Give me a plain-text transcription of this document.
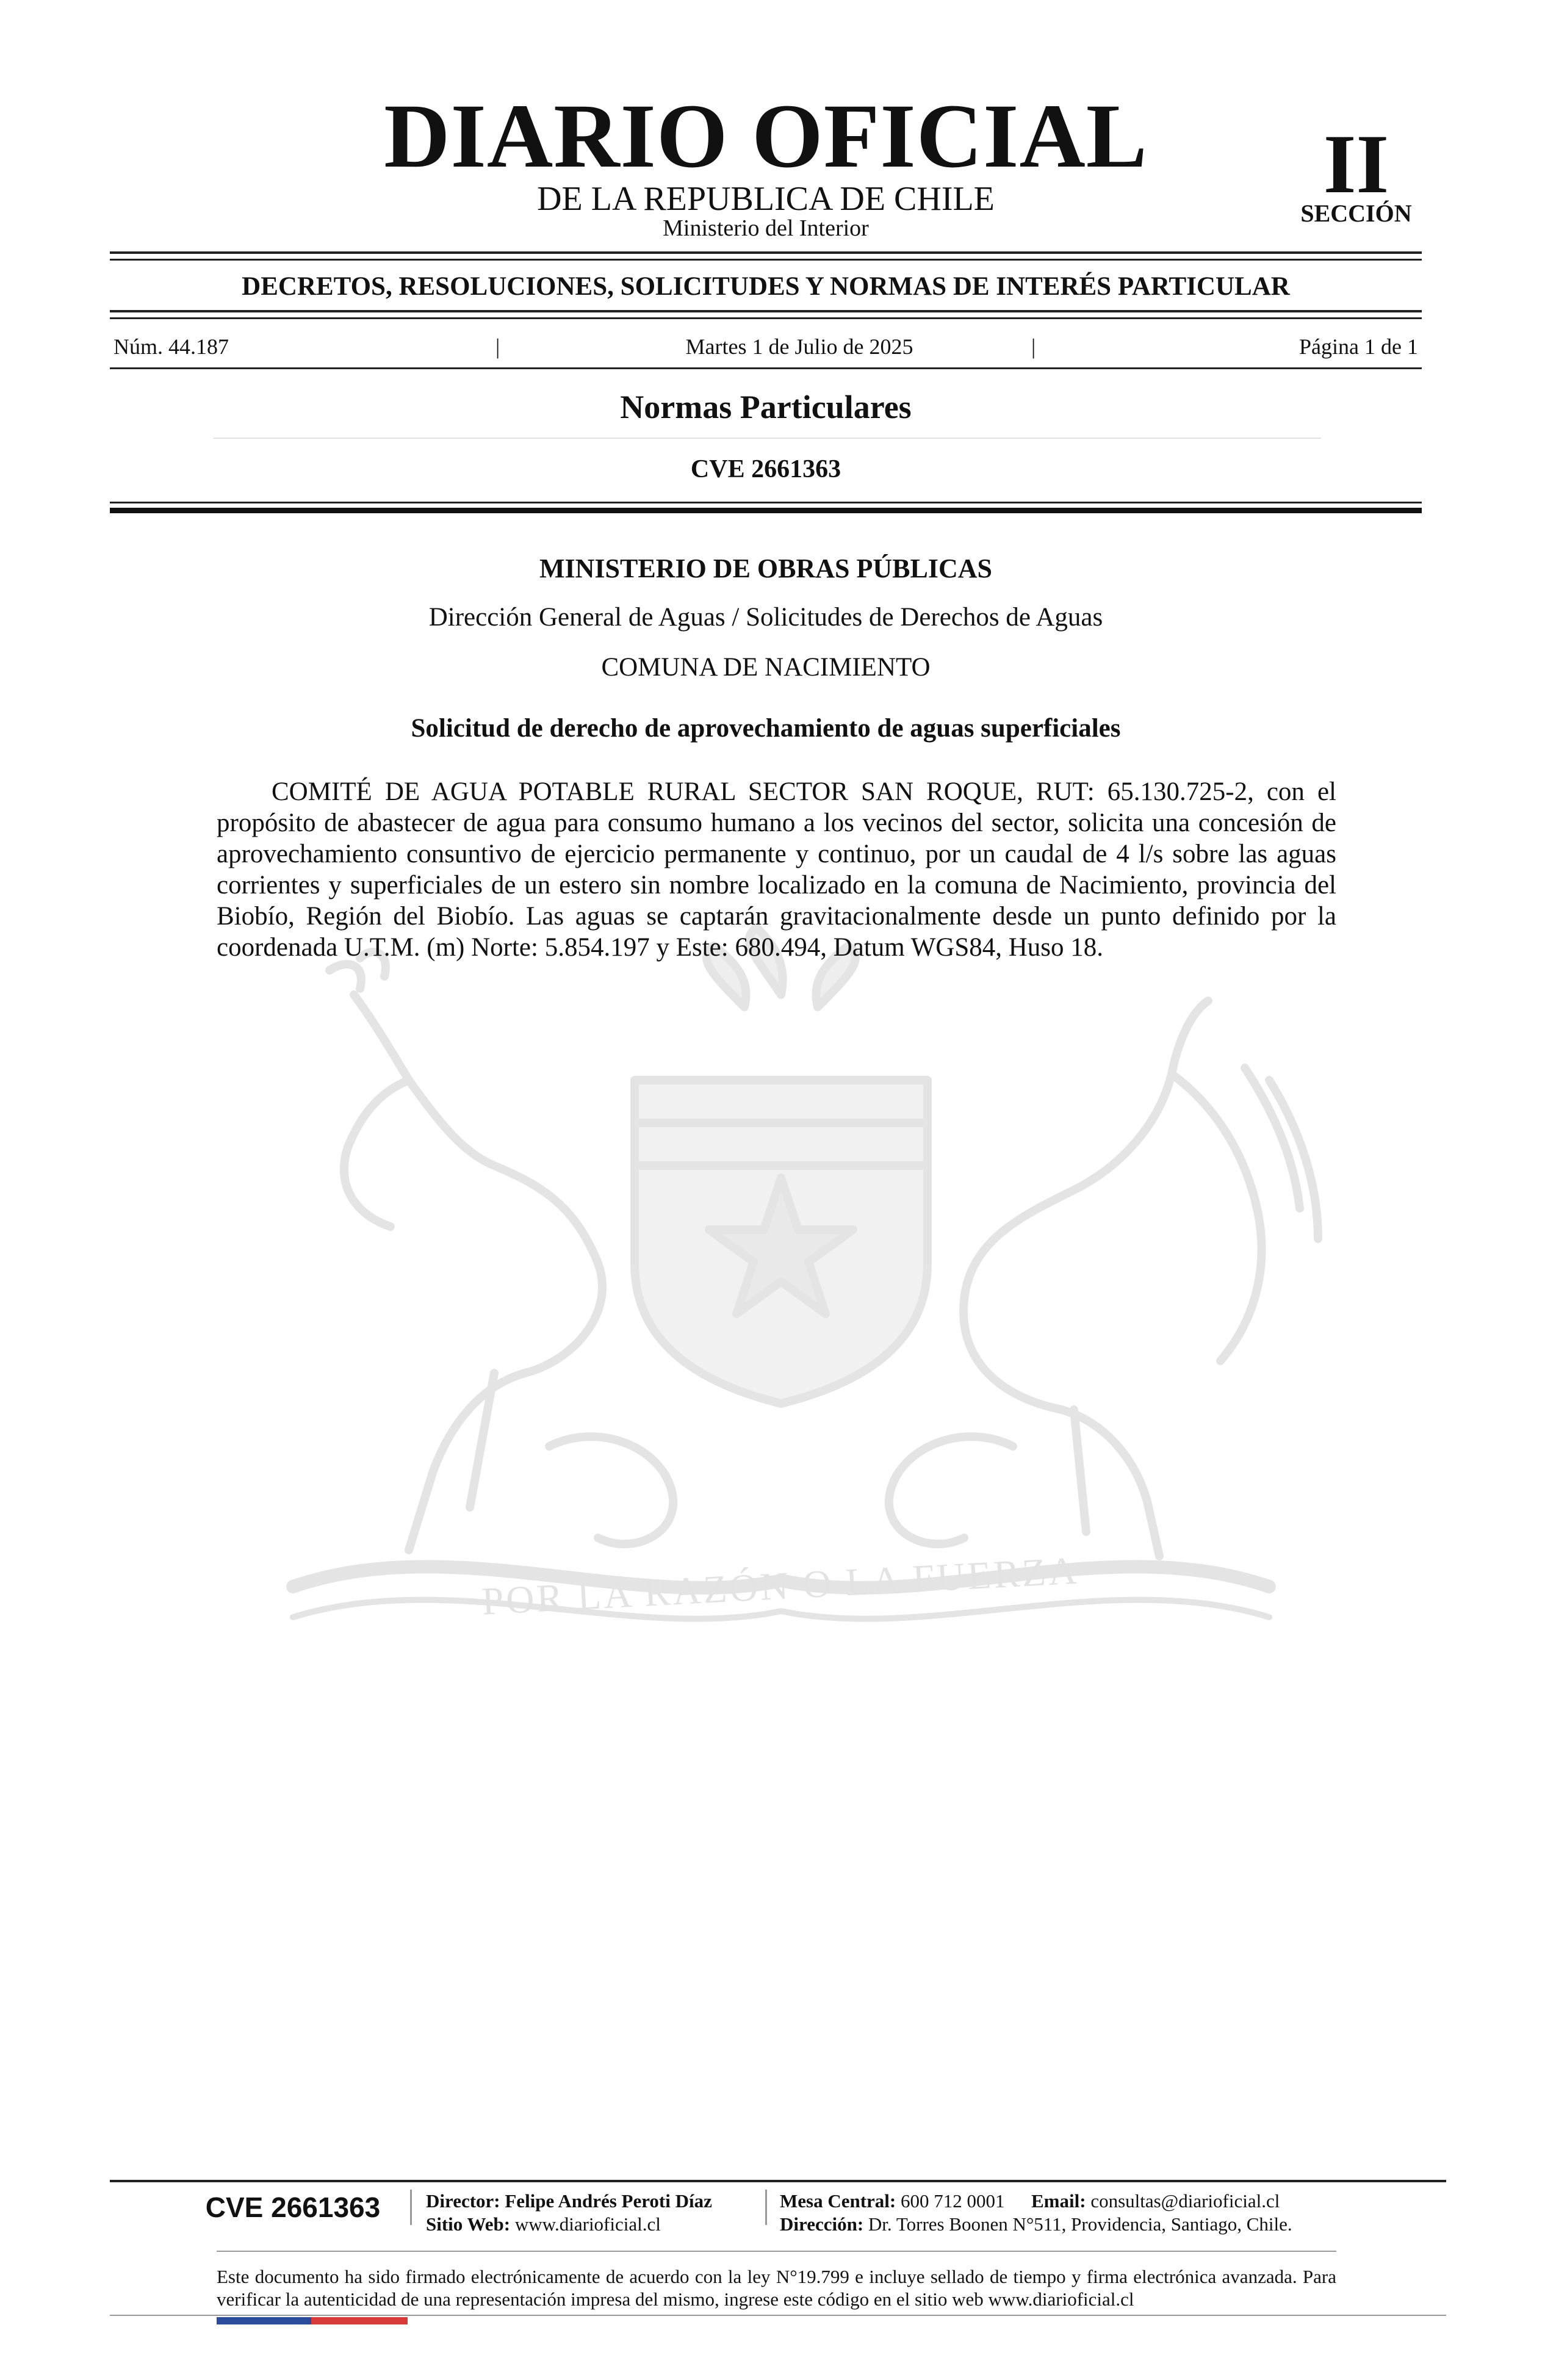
DIARIO OFICIAL
DE LA REPUBLICA DE CHILE
Ministerio del Interior
II
SECCIÓN
DECRETOS, RESOLUCIONES, SOLICITUDES Y NORMAS DE INTERÉS PARTICULAR
Núm. 44.187	|	Martes 1 de Julio de 2025	|	Página 1 de 1
Normas Particulares
CVE 2661363
POR LA RAZÓN O LA FUERZA
MINISTERIO DE OBRAS PÚBLICAS
Dirección General de Aguas / Solicitudes de Derechos de Aguas
COMUNA DE NACIMIENTO
Solicitud de derecho de aprovechamiento de aguas superficiales
COMITÉ DE AGUA POTABLE RURAL SECTOR SAN ROQUE, RUT: 65.130.725-2, con el propósito de abastecer de agua para consumo humano a los vecinos del sector, solicita una concesión de aprovechamiento consuntivo de ejercicio permanente y continuo, por un caudal de 4 l/s sobre las aguas corrientes y superficiales de un estero sin nombre localizado en la comuna de Nacimiento, provincia del Biobío, Región del Biobío. Las aguas se captarán gravitacionalmente desde un punto definido por la coordenada U.T.M. (m) Norte: 5.854.197 y Este: 680.494, Datum WGS84, Huso 18.
CVE 2661363	Director: Felipe Andrés Peroti Díaz
Sitio Web: www.diarioficial.cl
Mesa Central: 600 712 0001 Email: consultas@diarioficial.cl
Dirección: Dr. Torres Boonen N°511, Providencia, Santiago, Chile.
Este documento ha sido firmado electrónicamente de acuerdo con la ley N°19.799 e incluye sellado de tiempo y firma electrónica avanzada. Para verificar la autenticidad de una representación impresa del mismo, ingrese este código en el sitio web www.diarioficial.cl
